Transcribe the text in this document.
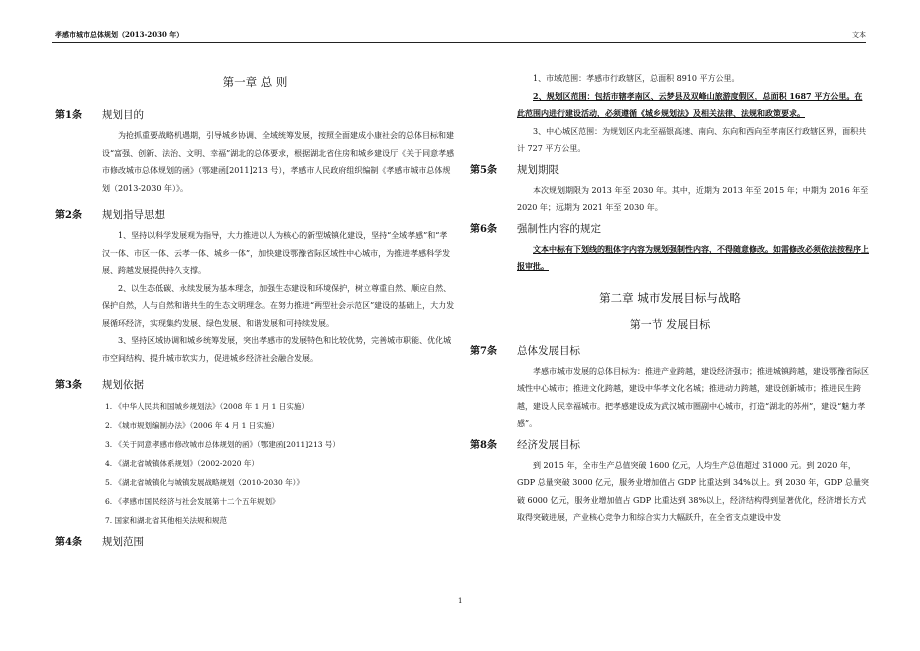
孝感市城市总体规划（2013-2030 年）	文本
第一章 总 则
第1条	规划目的
为抢抓重要战略机遇期，引导城乡协调、全域统筹发展，按照全面建成小康社会的总体目标和建设“富强、创新、法治、文明、幸福”湖北的总体要求，根据湖北省住房和城乡建设厅《关于同意孝感市修改城市总体规划的函》（鄂建函[2011]213 号），孝感市人民政府组织编制《孝感市城市总体规划（2013-2030 年）》。
第2条	规划指导思想
1、坚持以科学发展观为指导，大力推进以人为核心的新型城镇化建设，坚持“全域孝感”和“孝汉一体、市区一体、云孝一体、城乡一体”，加快建设鄂豫省际区域性中心城市，为推进孝感科学发展、跨越发展提供持久支撑。
2、以生态低碳、永续发展为基本理念，加强生态建设和环境保护，树立尊重自然、顺应自然、保护自然，人与自然和谐共生的生态文明理念。在努力推进“两型社会示范区”建设的基础上，大力发展循环经济，实现集约发展、绿色发展、和谐发展和可持续发展。
3、坚持区域协调和城乡统筹发展，突出孝感市的发展特色和比较优势，完善城市职能、优化城市空间结构、提升城市软实力，促进城乡经济社会融合发展。
第3条	规划依据
1. 《中华人民共和国城乡规划法》（2008 年 1 月 1 日实施）
2. 《城市规划编制办法》（2006 年 4 月 1 日实施）
3. 《关于同意孝感市修改城市总体规划的函》（鄂建函[2011]213 号）
4. 《湖北省城镇体系规划》（2002-2020 年）
5. 《湖北省城镇化与城镇发展战略规划（2010-2030 年）》
6. 《孝感市国民经济与社会发展第十二个五年规划》
7. 国家和湖北省其他相关法规和规范
第4条	规划范围
1、市域范围：孝感市行政辖区，总面积 8910 平方公里。
2、规划区范围：包括市辖孝南区、云梦县及双峰山旅游度假区，总面积 1687 平方公里。在此范围内进行建设活动，必须遵循《城乡规划法》及相关法律、法规和政策要求。
3、中心城区范围：为规划区内北至福银高速、南向、东向和西向至孝南区行政辖区界，面积共计 727 平方公里。
第5条	规划期限
本次规划期限为 2013 年至 2030 年。其中，近期为 2013 年至 2015 年；中期为 2016 年至 2020 年；远期为 2021 年至 2030 年。
第6条	强制性内容的规定
文本中标有下划线的粗体字内容为规划强制性内容，不得随意修改。如需修改必须依法按程序上报审批。
第二章 城市发展目标与战略
第一节 发展目标
第7条	总体发展目标
孝感市城市发展的总体目标为：推进产业跨越，建设经济强市；推进城镇跨越，建设鄂豫省际区域性中心城市；推进文化跨越，建设中华孝文化名城；推进动力跨越，建设创新城市；推进民生跨越，建设人民幸福城市。把孝感建设成为武汉城市圈副中心城市，打造“湖北的苏州”，建设“魅力孝感”。
第8条	经济发展目标
到 2015 年，全市生产总值突破 1600 亿元，人均生产总值超过 31000 元。到 2020 年，GDP 总量突破 3000 亿元，服务业增加值占 GDP 比重达到 34%以上。到 2030 年，GDP 总量突破 6000 亿元，服务业增加值占 GDP 比重达到 38%以上，经济结构得到显著优化，经济增长方式取得突破进展，产业核心竞争力和综合实力大幅跃升，在全省支点建设中发
1
